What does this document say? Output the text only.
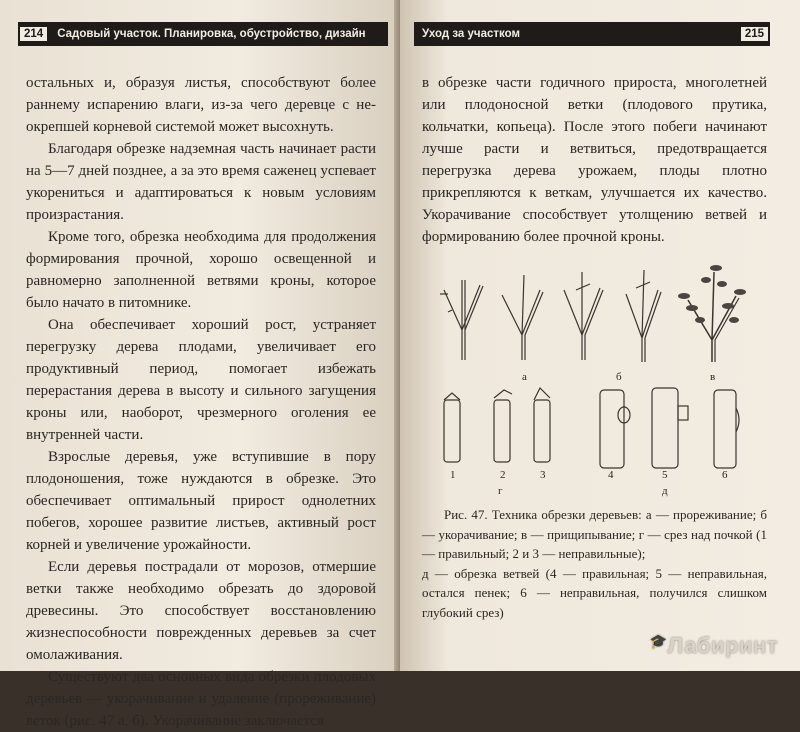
214	Садовый участок. Планировка, обустройство, дизайн

остальных и, образуя листья, способствуют более раннему испарению влаги, из-за чего деревце с не-окрепшей корневой системой может высохнуть.

Благодаря обрезке надземная часть начинает расти на 5—7 дней позднее, а за это время саженец успевает укорениться и адаптироваться к новым условиям произрастания.

Кроме того, обрезка необходима для продолжения формирования прочной, хорошо освещенной и равномерно заполненной ветвями кроны, которое было начато в питомнике.

Она обеспечивает хороший рост, устраняет перегрузку дерева плодами, увеличивает его продуктивный период, помогает избежать перерастания дерева в высоту и сильного загущения кроны или, наоборот, чрезмерного оголения ее внутренней части.

Взрослые деревья, уже вступившие в пору плодоношения, тоже нуждаются в обрезке. Это обеспечивает оптимальный прирост однолетних побегов, хорошее развитие листьев, активный рост корней и увеличение урожайности.

Если деревья пострадали от морозов, отмершие ветки также необходимо обрезать до здоровой древесины. Это способствует восстановлению жизнеспособности поврежденных деревьев за счет омолаживания.

Существуют два основных вида обрезки плодовых деревьев — укорачивание и удаление (прореживание) веток (рис. 47 а, б). Укорачивание заключается

Уход за участком	215

в обрезке части годичного прироста, многолетней или плодоносной ветки (плодового прутика, кольчатки, копьеца). После этого побеги начинают лучше расти и ветвиться, предотвращается перегрузка дерева урожаем, плоды плотно прикрепляются к веткам, улучшается их качество. Укорачивание способствует утолщению ветвей и формированию более прочной кроны.

а	б	в
1	2	3	4	5	6
г	д

Рис. 47. Техника обрезки деревьев: а — прореживание; б — укорачивание; в — прищипывание; г — срез над почкой (1 — правильный; 2 и 3 — неправильные);

д — обрезка ветвей (4 — правильная; 5 — неправильная, остался пенек; 6 — неправильная, получился слишком глубокий срез)

🎓Лабиринт
